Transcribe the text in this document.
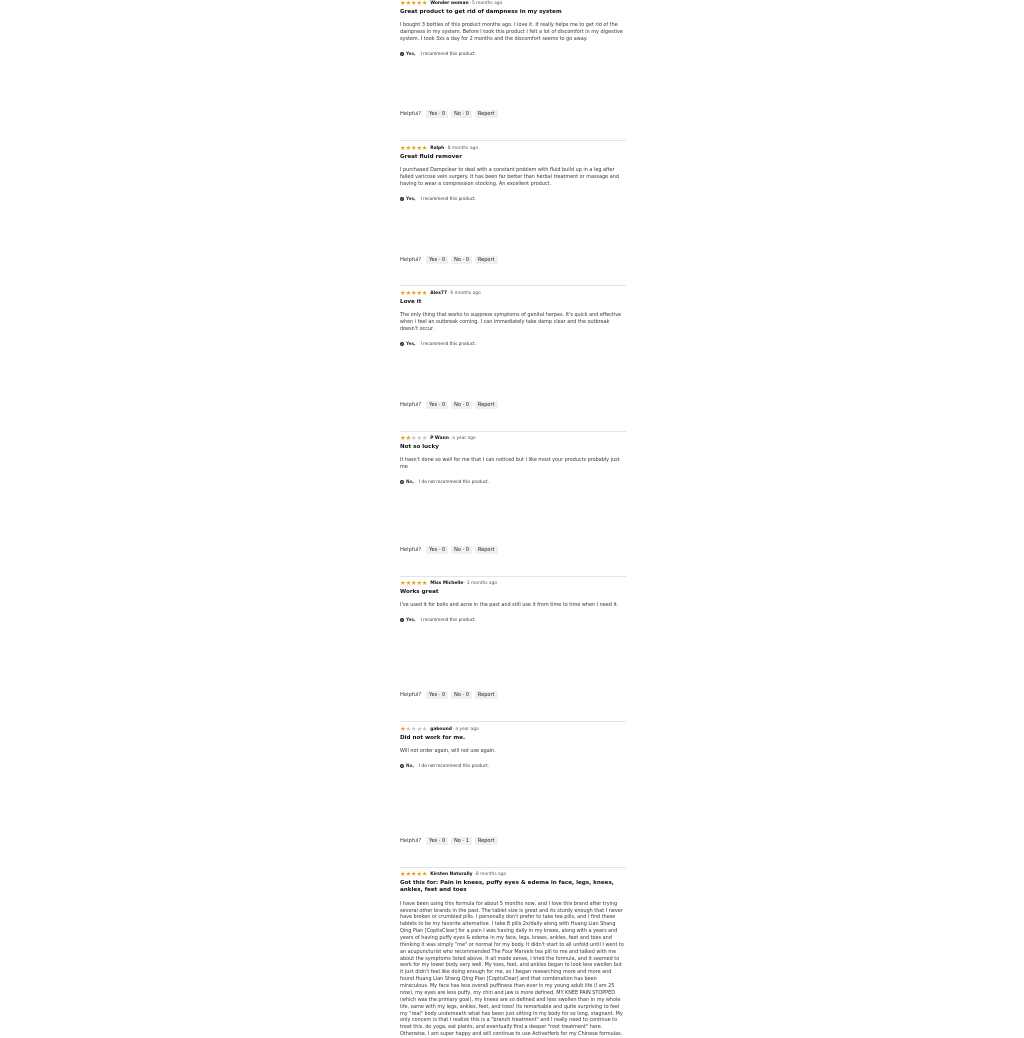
★ ★ ★ ★ ★ Wonder woman · 5 months ago
Great product to get rid of dampness in my system
I bought 3 bottles of this product months ago. I love it. It really helps me to get rid of the dampness in my system. Before I took this product I felt a lot of discomfort in my digestive system. I took 3xs a day for 2 months and the discomfort seems to go away.
✓ Yes, I recommend this product.
Helpful?	Yes · 0	No · 0	Report
★ ★ ★ ★ ★ Ralph · 8 months ago
Great fluid remover
I purchased Dampclear to deal with a constant problem with fluid build up in a leg after failed varicose vein surgery. It has been far better than herbal treatment or massage and having to wear a compression stocking. An excellent product.
✓ Yes, I recommend this product.
Helpful?	Yes · 0	No · 0	Report
★ ★ ★ ★ ★ Alex77 · 6 months ago
Love it
The only thing that works to suppress symptoms of genital herpes. It's quick and effective when i feel an outbreak coming, I can immediately take damp clear and the outbreak doesn't occur.
✓ Yes, I recommend this product.
Helpful?	Yes · 0	No · 0	Report
★ ★ ★ ★ ★ P Wann · a year ago
Not so lucky
It hasn't done so well for me that I can noticed but I like most your products probably just me
✕ No, I do not recommend this product.
Helpful?	Yes · 0	No · 0	Report
★ ★ ★ ★ ★ Miss Michelle · 3 months ago
Works great
I've used it for boils and acne in the past and still use it from time to time when I need it.
✓ Yes, I recommend this product.
Helpful?	Yes · 0	No · 0	Report
★ ★ ★ ★ ★ gabound · a year ago
Did not work for me.
Will not order again, will not use again.
✕ No, I do not recommend this product.
Helpful?	Yes · 0	No · 1	Report
★ ★ ★ ★ ★ Kirsten Naturally · 8 months ago
Got this for: Pain in knees, puffy eyes & edema in face, legs, knees, ankles, feet and toes
I have been using this formula for about 5 months now, and I love this brand after trying several other brands in the past. The tablet size is great and its sturdy enough that I never have broken or crumbled pills. I personally don't prefer to take tea pills, and I find these tablets to be my favorite alternative. I take 8 pills 2x/daily along with Huang Lian Shang Qing Pian [CoptisClear] for a pain I was having daily in my knees, along with a years and years of having puffy eyes & edema in my face, legs, knees, ankles, feet and toes and thinking it was simply "me" or normal for my body. It didn't start to all unfold until I went to an acupuncturist who recommended The Four Marvels tea pill to me and talked with me about the symptoms listed above. It all made sense, I tried the formula, and it seemed to work for my lower body very well. My toes, feet, and ankles began to look less swollen but it just didn't feel like doing enough for me, so I began researching more and more and found Huang Lian Shang Qing Pian [CoptisClear] and that combination has been miraculous. My face has less overall puffiness than ever in my young adult life (I am 25 now), my eyes are less puffy, my chin and jaw is more defined, MY KNEE PAIN STOPPED (which was the primary goal), my knees are so defined and less swollen than in my whole life, same with my legs, ankles, feet, and toes! Its remarkable and quite surprising to feel my "real" body underneath what has been just sitting in my body for so long, stagnant. My only concern is that I realize this is a "branch treatment" and I really need to continue to treat this, do yoga, eat plants, and eventually find a deeper "root treatment" here. Otherwise, I am super happy and will continue to use ActiveHerb for my Chinese formulas.
